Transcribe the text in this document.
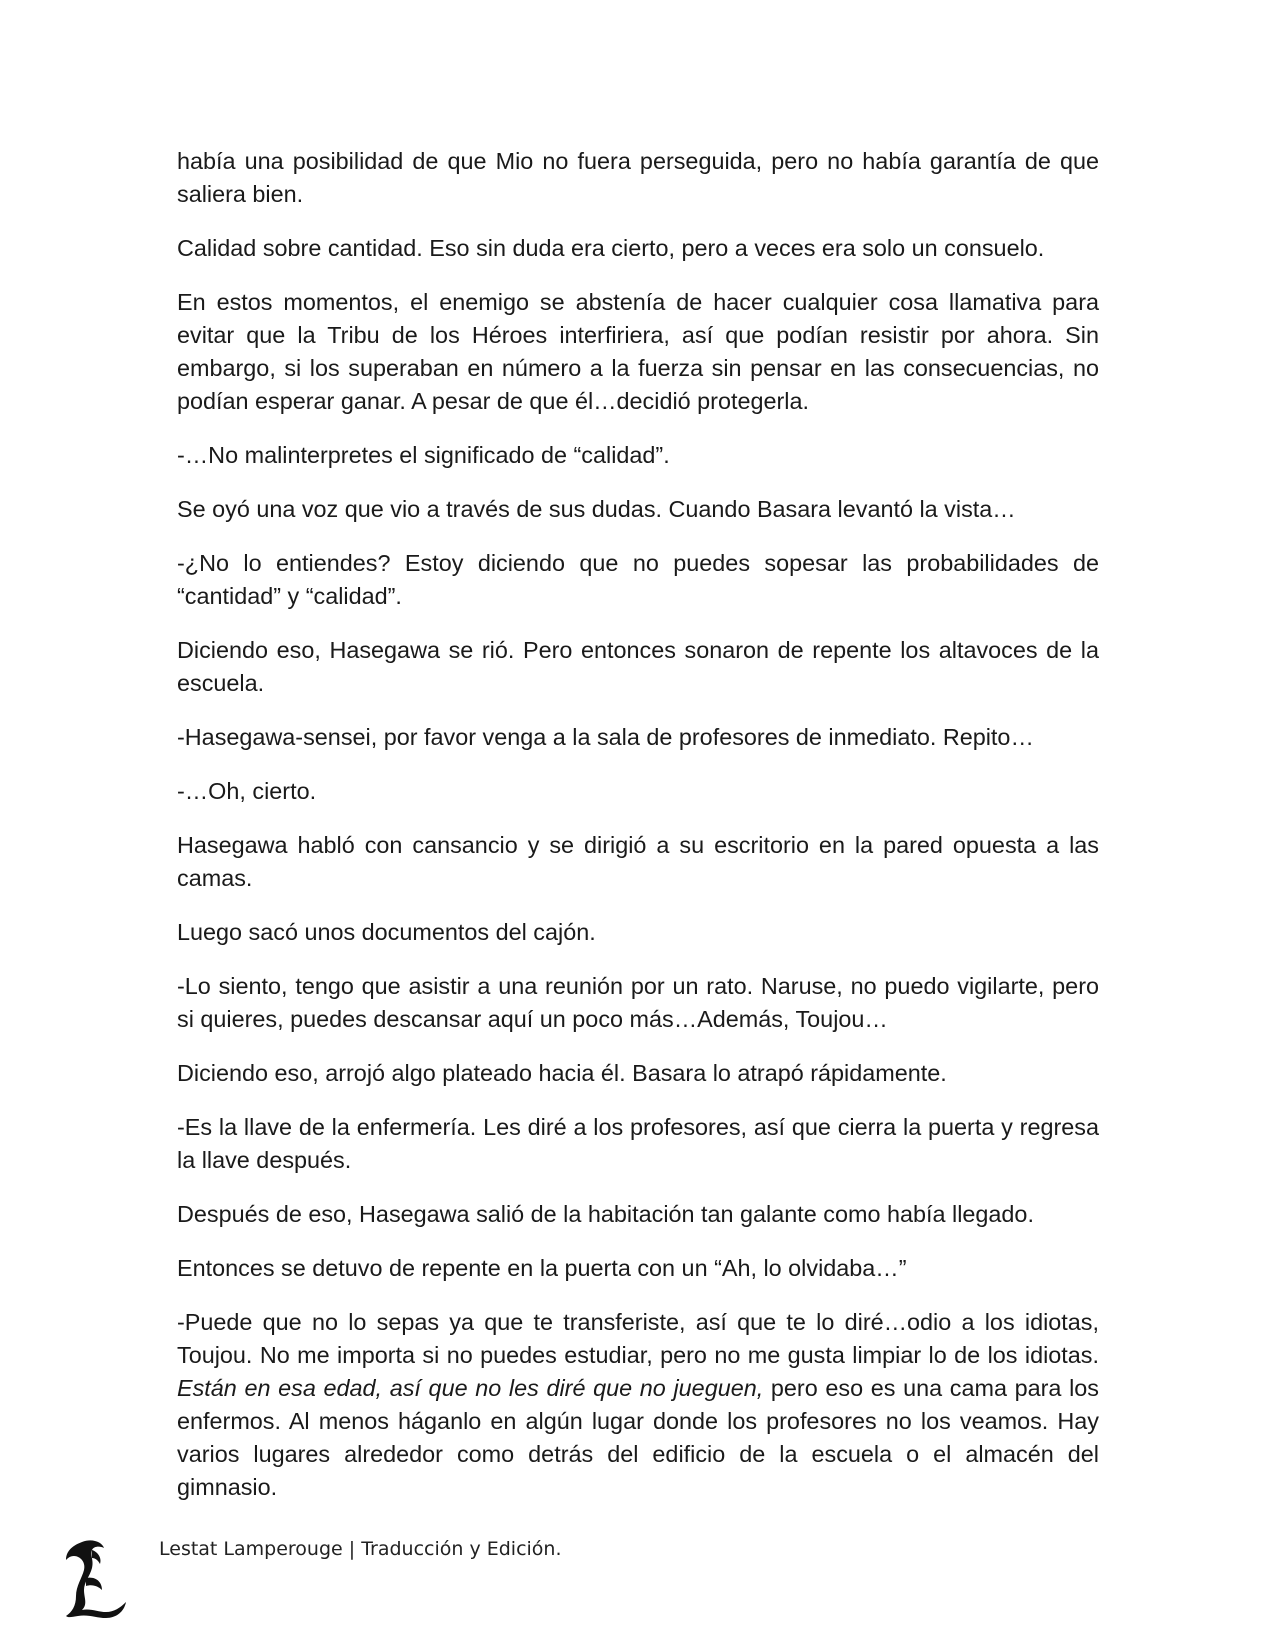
había una posibilidad de que Mio no fuera perseguida, pero no había garantía de que saliera bien.

Calidad sobre cantidad. Eso sin duda era cierto, pero a veces era solo un consuelo.

En estos momentos, el enemigo se abstenía de hacer cualquier cosa llamativa para evitar que la Tribu de los Héroes interfiriera, así que podían resistir por ahora. Sin embargo, si los superaban en número a la fuerza sin pensar en las consecuencias, no podían esperar ganar. A pesar de que él…decidió protegerla.

-…No malinterpretes el significado de “calidad”.

Se oyó una voz que vio a través de sus dudas. Cuando Basara levantó la vista…

-¿No lo entiendes? Estoy diciendo que no puedes sopesar las probabilidades de “cantidad” y “calidad”.

Diciendo eso, Hasegawa se rió. Pero entonces sonaron de repente los altavoces de la escuela.

-Hasegawa-sensei, por favor venga a la sala de profesores de inmediato. Repito…

-…Oh, cierto.

Hasegawa habló con cansancio y se dirigió a su escritorio en la pared opuesta a las camas.

Luego sacó unos documentos del cajón.

-Lo siento, tengo que asistir a una reunión por un rato. Naruse, no puedo vigilarte, pero si quieres, puedes descansar aquí un poco más…Además, Toujou…

Diciendo eso, arrojó algo plateado hacia él. Basara lo atrapó rápidamente.

-Es la llave de la enfermería. Les diré a los profesores, así que cierra la puerta y regresa la llave después.

Después de eso, Hasegawa salió de la habitación tan galante como había llegado.

Entonces se detuvo de repente en la puerta con un “Ah, lo olvidaba…”

-Puede que no lo sepas ya que te transferiste, así que te lo diré…odio a los idiotas, Toujou. No me importa si no puedes estudiar, pero no me gusta limpiar lo de los idiotas. Están en esa edad, así que no les diré que no jueguen, pero eso es una cama para los enfermos. Al menos háganlo en algún lugar donde los profesores no los veamos. Hay varios lugares alrededor como detrás del edificio de la escuela o el almacén del gimnasio.

Lestat Lamperouge | Traducción y Edición.
